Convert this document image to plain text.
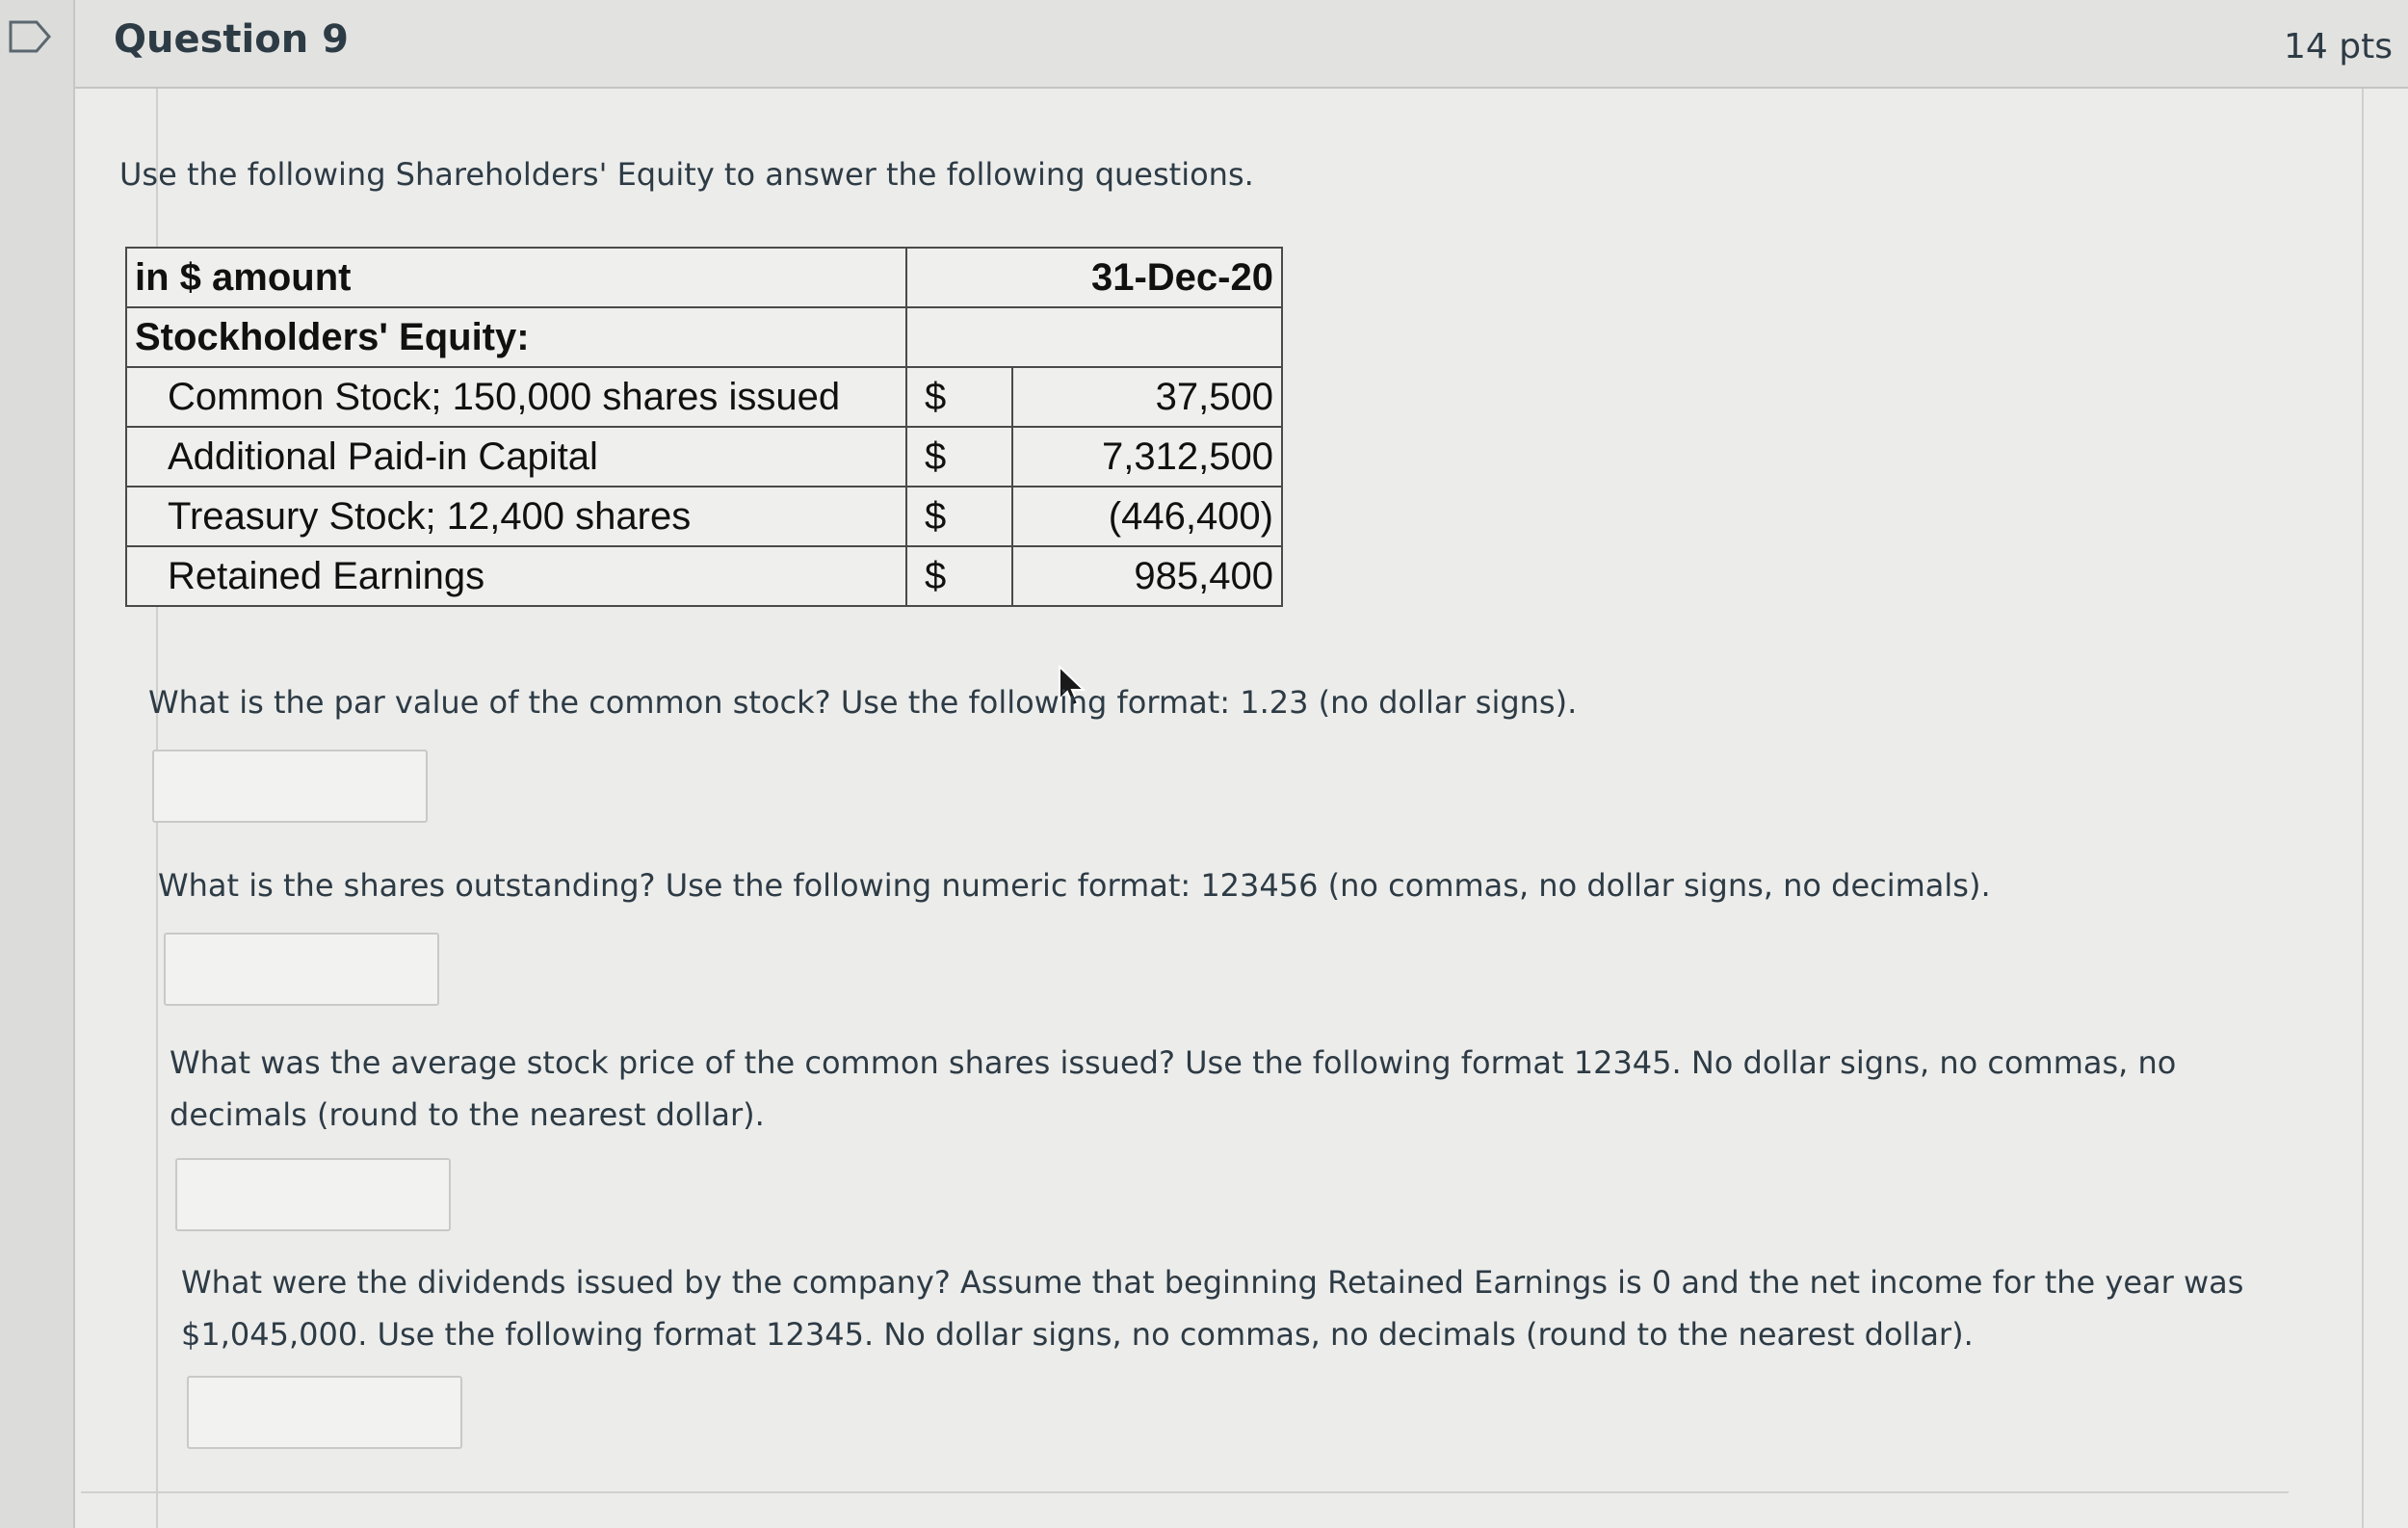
Question 9	14 pts
Use the following Shareholders' Equity to answer the following questions.
in $ amount	31-Dec-20	
Stockholders' Equity:		
Common Stock; 150,000 shares issued	$	37,500
Additional Paid-in Capital	$	7,312,500
Treasury Stock; 12,400 shares	$	(446,400)
Retained Earnings	$	985,400
What is the par value of the common stock? Use the following format: 1.23 (no dollar signs).
What is the shares outstanding? Use the following numeric format: 123456 (no commas, no dollar signs, no decimals).
What was the average stock price of the common shares issued? Use the following format 12345. No dollar signs, no commas, no decimals (round to the nearest dollar).
What were the dividends issued by the company? Assume that beginning Retained Earnings is 0 and the net income for the year was $1,045,000. Use the following format 12345. No dollar signs, no commas, no decimals (round to the nearest dollar).
